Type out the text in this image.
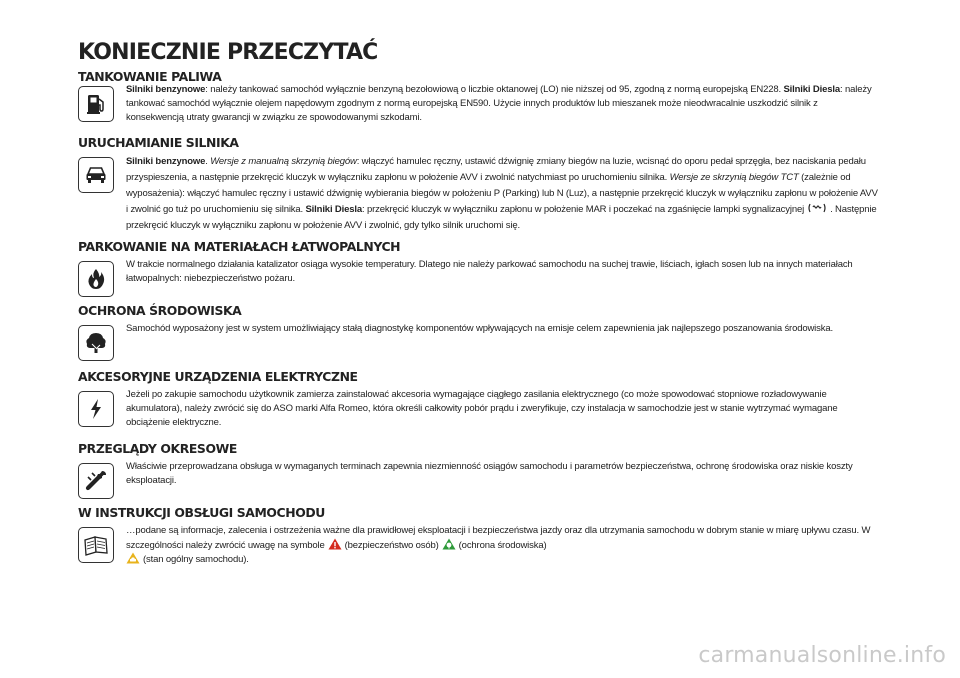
KONIECZNIE PRZECZYTAĆ
TANKOWANIE PALIWA
Silniki benzynowe: należy tankować samochód wyłącznie benzyną bezołowiową o liczbie oktanowej (LO) nie niższej od 95, zgodną z normą europejską EN228. Silniki Diesla: należy tankować samochód wyłącznie olejem napędowym zgodnym z normą europejską EN590. Użycie innych produktów lub mieszanek może nieodwracalnie uszkodzić silnik z konsekwencją utraty gwarancji w związku ze spowodowanymi szkodami.
URUCHAMIANIE SILNIKA
Silniki benzynowe. Wersje z manualną skrzynią biegów: włączyć hamulec ręczny, ustawić dźwignię zmiany biegów na luzie, wcisnąć do oporu pedał sprzęgła, bez naciskania pedału przyspieszenia, a następnie przekręcić kluczyk w wyłączniku zapłonu w położenie AVV i zwolnić natychmiast po uruchomieniu silnika. Wersje ze skrzynią biegów TCT (zależnie od wyposażenia): włączyć hamulec ręczny i ustawić dźwignię wybierania biegów w położeniu P (Parking) lub N (Luz), a następnie przekręcić kluczyk w wyłączniku zapłonu w położenie AVV i zwolnić go tuż po uruchomieniu się silnika. Silniki Diesla: przekręcić kluczyk w wyłączniku zapłonu w położenie MAR i poczekać na zgaśnięcie lampki sygnalizacyjnej	. Następnie przekręcić kluczyk w wyłączniku zapłonu w położenie AVV i zwolnić, gdy tylko silnik uruchomi się.
PARKOWANIE NA MATERIAŁACH ŁATWOPALNYCH
W trakcie normalnego działania katalizator osiąga wysokie temperatury. Dlatego nie należy parkować samochodu na suchej trawie, liściach, igłach sosen lub na innych materiałach łatwopalnych: niebezpieczeństwo pożaru.
OCHRONA ŚRODOWISKA
Samochód wyposażony jest w system umożliwiający stałą diagnostykę komponentów wpływających na emisje celem zapewnienia jak najlepszego poszanowania środowiska.
AKCESORYJNE URZĄDZENIA ELEKTRYCZNE
Jeżeli po zakupie samochodu użytkownik zamierza zainstalować akcesoria wymagające ciągłego zasilania elektrycznego (co może spowodować stopniowe rozładowywanie akumulatora), należy zwrócić się do ASO marki Alfa Romeo, która określi całkowity pobór prądu i zweryfikuje, czy instalacja w samochodzie jest w stanie wytrzymać wymagane obciążenie elektryczne.
PRZEGLĄDY OKRESOWE
Właściwie przeprowadzana obsługa w wymaganych terminach zapewnia niezmienność osiągów samochodu i parametrów bezpieczeństwa, ochronę środowiska oraz niskie koszty eksploatacji.
W INSTRUKCJI OBSŁUGI SAMOCHODU
…podane są informacje, zalecenia i ostrzeżenia ważne dla prawidłowej eksploatacji i bezpieczeństwa jazdy oraz dla utrzymania samochodu w dobrym stanie w miarę upływu czasu. W szczególności należy zwrócić uwagę na symbole (bezpieczeństwo osób) (ochrona środowiska)
(stan ogólny samochodu).
carmanualsonline.info
